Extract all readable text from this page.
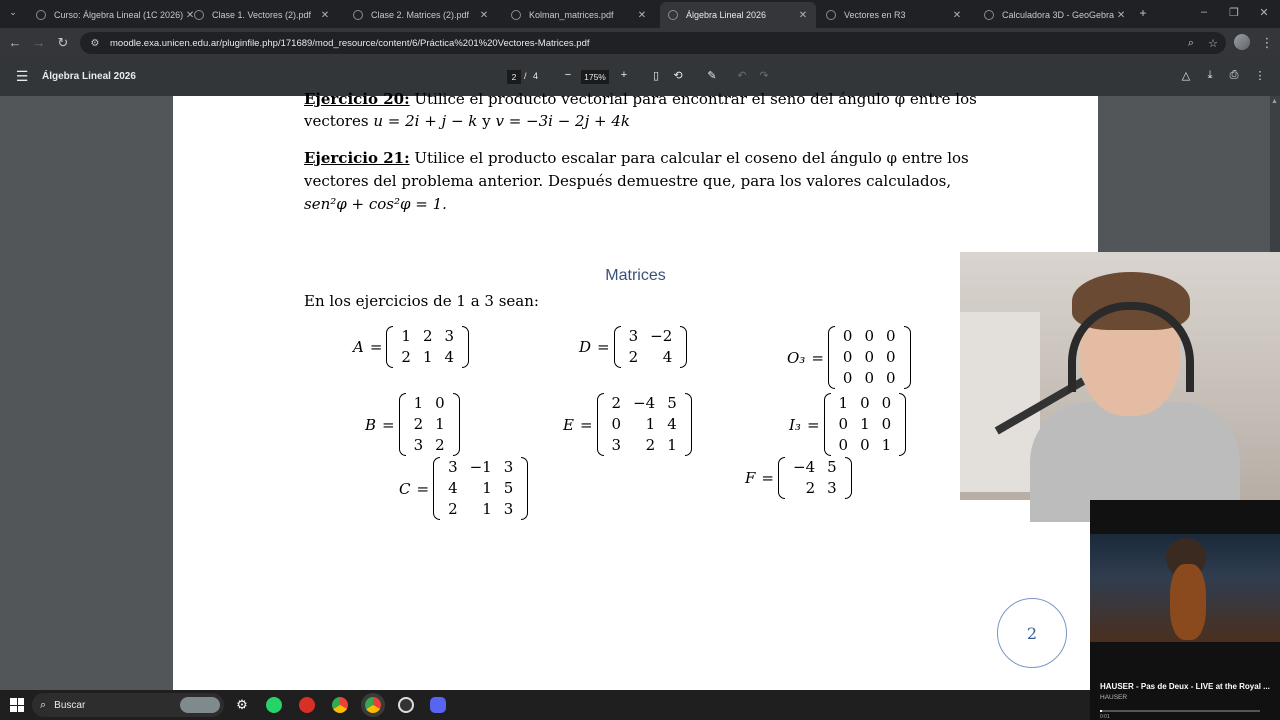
⌄	Curso: Álgebra Lineal (1C 2026) ✕	Clase 1. Vectores (2).pdf ✕	Clase 2. Matrices (2).pdf	✕	Kolman_matrices.pdf	✕	Álgebra Lineal 2026	✕	Vectores en R3	✕	Calculadora 3D - GeoGebra ✕ +	–	❐	✕
← → ↻	⚙ moodle.exa.unicen.edu.ar/pluginfile.php/171689/mod_resource/content/6/Práctica%201%20Vectores-Matrices.pdf	⌕	☆	⋮
☰ Álgebra Lineal 2026	2 / 4	−	175%	+	▯	⟲	✎	↶	↷	△	⤓	⎙	⋮
Ejercicio 20: Utilice el producto vectorial para encontrar el seno del ángulo φ entre los
vectores u = 2i + j − k y v = −3i − 2j + 4k
Ejercicio 21: Utilice el producto escalar para calcular el coseno del ángulo φ entre los
vectores del problema anterior. Después demuestre que, para los valores calculados,
sen²φ + cos²φ = 1.
Matrices
En los ejercicios de 1 a 3 sean:
A =
1	2	3
2	1	4
D =
3	−2
2	4	O₃ =
0	0	0
0	0	0
0	0	0
B =
1	0
2	1
3	2
E =
2	−4	5
0	1	4
3	2	1
I₃ =
1	0	0
0	1	0
0	0	1
C =
3	−1	3
4	1	5
2	1	3
F =
−4	5
2	3
2
▲
HAUSER - Pas de Deux - LIVE at the Royal ...
HAUSER
0:01
⌕ Buscar	⚙
